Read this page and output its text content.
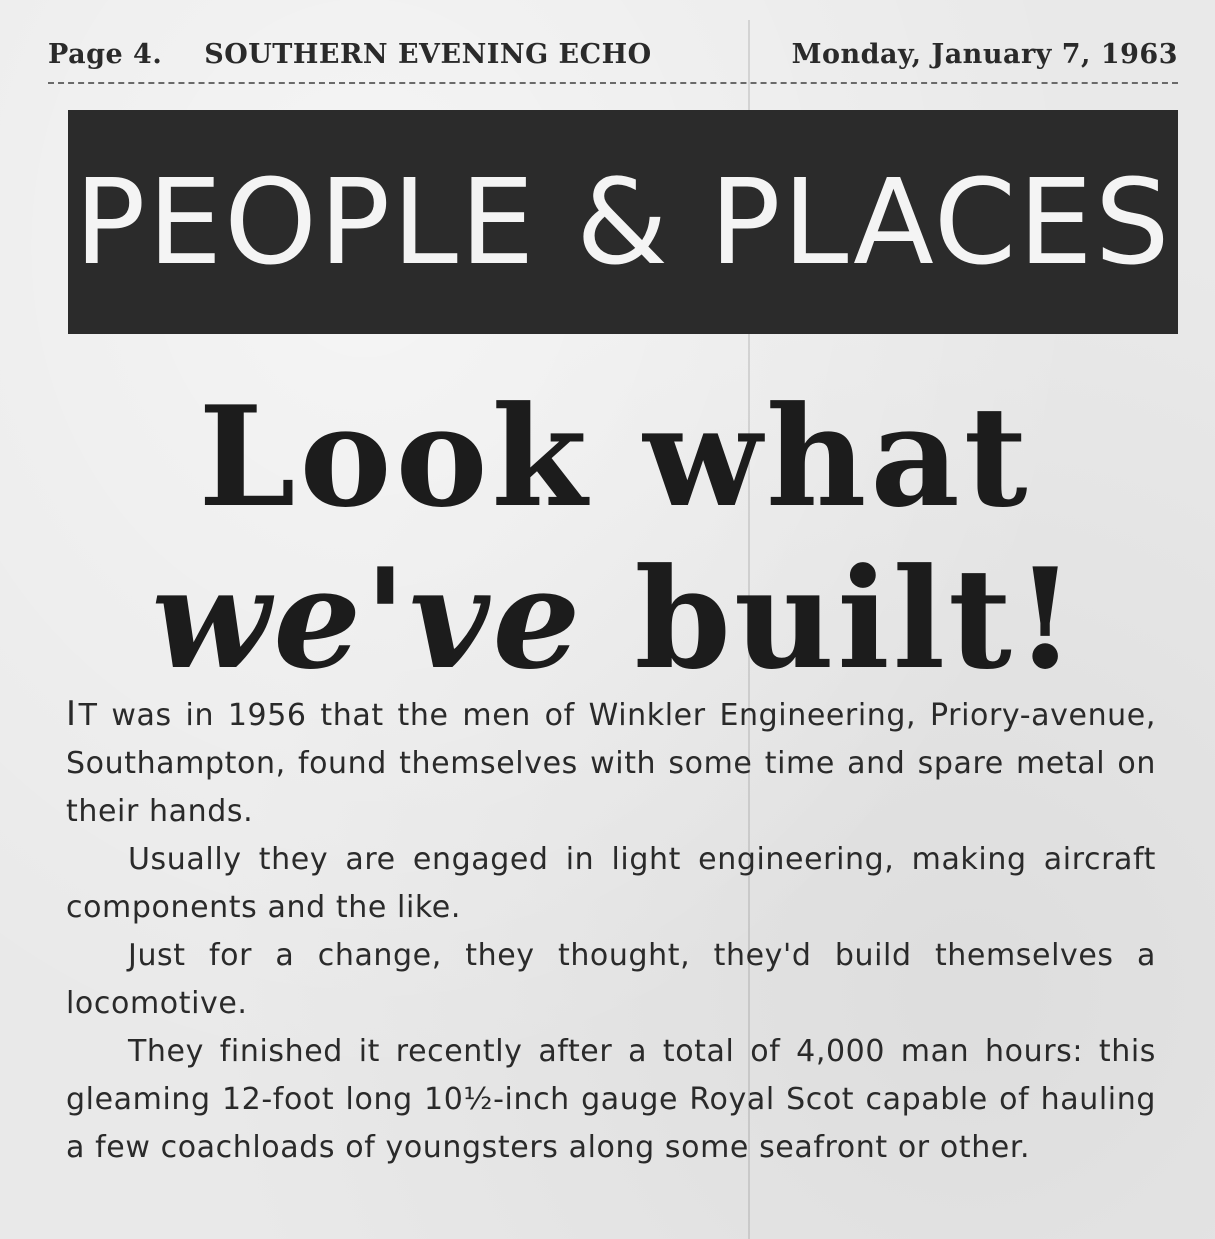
Page 4. SOUTHERN EVENING ECHO	Monday, January 7, 1963
PEOPLE & PLACES
Look what
we've built!

IT was in 1956 that the men of Winkler Engineering, Priory-avenue, Southampton, found themselves with some time and spare metal on their hands.

Usually they are engaged in light engineering, making aircraft components and the like.

Just for a change, they thought, they'd build themselves a locomotive.

They finished it recently after a total of 4,000 man hours: this gleaming 12-foot long 10½-inch gauge Royal Scot capable of hauling a few coachloads of youngsters along some seafront or other.
